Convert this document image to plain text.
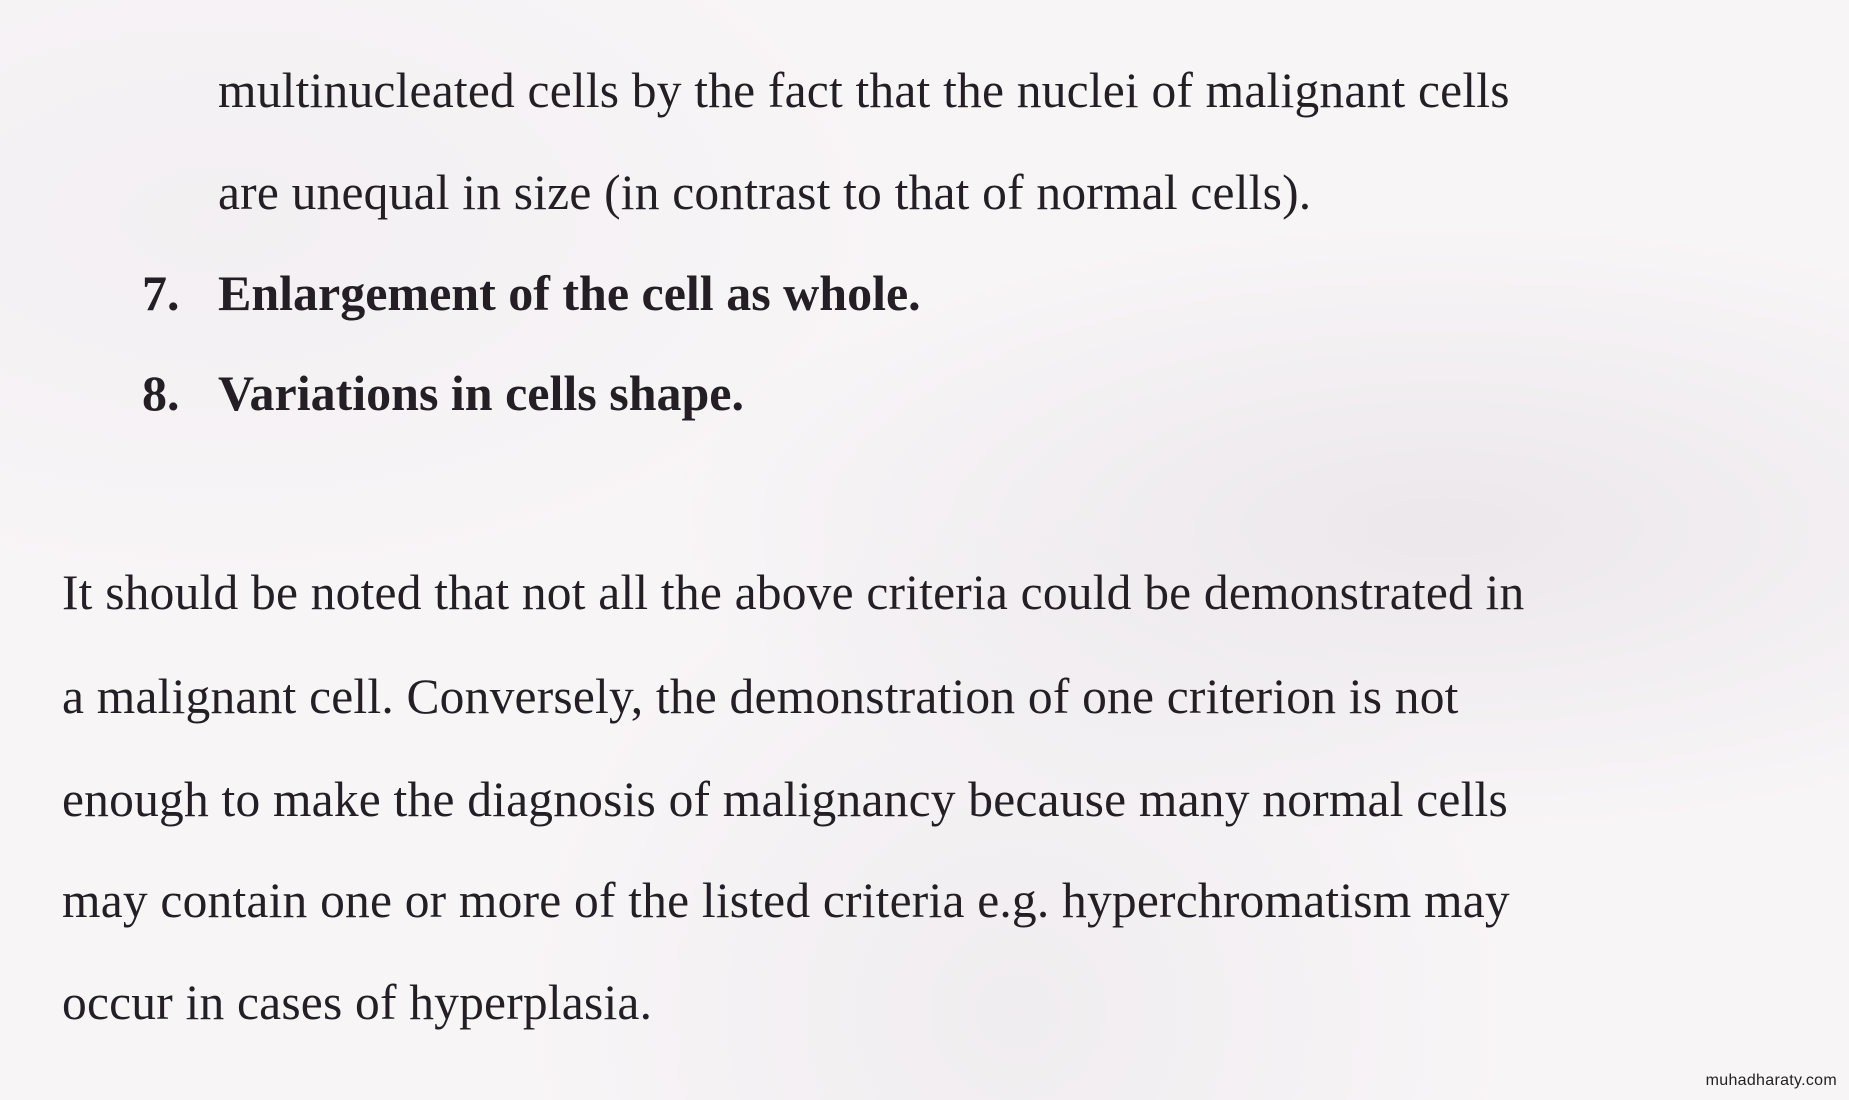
multinucleated cells by the fact that the nuclei of malignant cells
are unequal in size (in contrast to that of normal cells).
7. Enlargement of the cell as whole.
8. Variations in cells shape.
It should be noted that not all the above criteria could be demonstrated in
a malignant cell. Conversely, the demonstration of one criterion is not
enough to make the diagnosis of malignancy because many normal cells
may contain one or more of the listed criteria e.g. hyperchromatism may
occur in cases of hyperplasia.
muhadharaty.com
